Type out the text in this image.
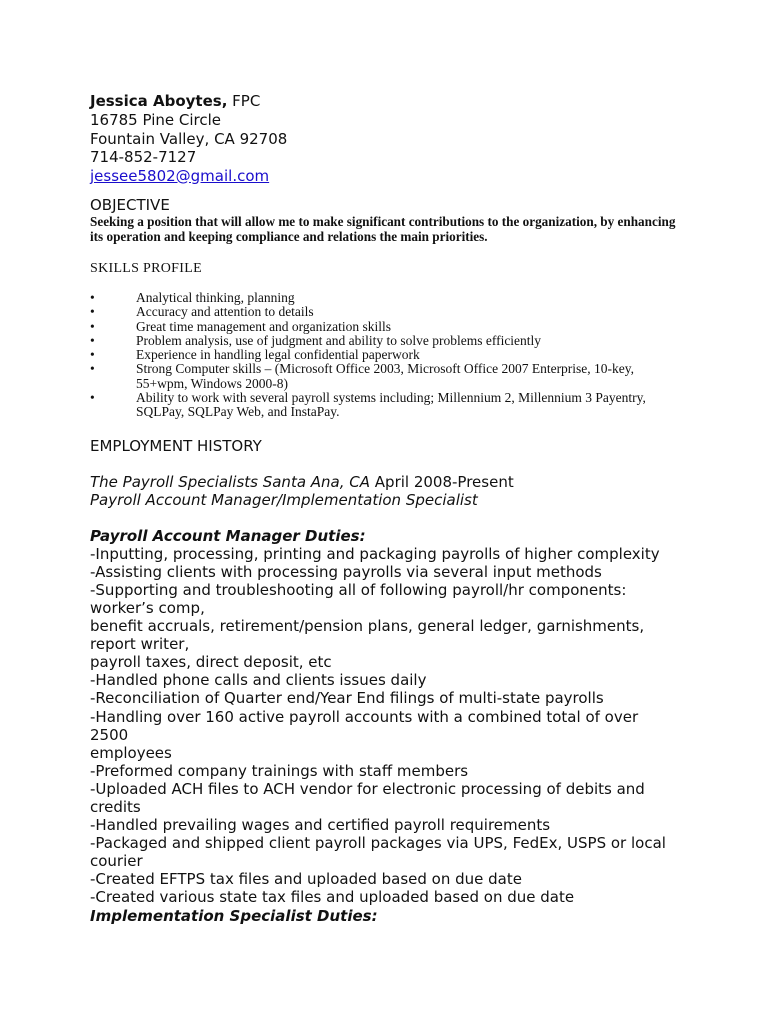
Jessica Aboytes, FPC

16785 Pine Circle

Fountain Valley, CA 92708

714-852-7127

jessee5802@gmail.com

OBJECTIVE

Seeking a position that will allow me to make significant contributions to the organization, by enhancing its operation and keeping compliance and relations the main priorities.

SKILLS PROFILE
•	Analytical thinking, planning
•	Accuracy and attention to details
•	Great time management and organization skills
•	Problem analysis, use of judgment and ability to solve problems efficiently
•	Experience in handling legal confidential paperwork
•	Strong Computer skills – (Microsoft Office 2003, Microsoft Office 2007 Enterprise, 10-key, 55+wpm, Windows 2000-8)
•	Ability to work with several payroll systems including; Millennium 2, Millennium 3 Payentry, SQLPay, SQLPay Web, and InstaPay.
EMPLOYMENT HISTORY

The Payroll Specialists Santa Ana, CA April 2008-Present

Payroll Account Manager/Implementation Specialist

Payroll Account Manager Duties:

-Inputting, processing, printing and packaging payrolls of higher complexity

-Assisting clients with processing payrolls via several input methods

-Supporting and troubleshooting all of following payroll/hr components:

worker’s comp,

benefit accruals, retirement/pension plans, general ledger, garnishments,

report writer,

payroll taxes, direct deposit, etc

-Handled phone calls and clients issues daily

-Reconciliation of Quarter end/Year End filings of multi-state payrolls

-Handling over 160 active payroll accounts with a combined total of over

2500

employees

-Preformed company trainings with staff members

-Uploaded ACH files to ACH vendor for electronic processing of debits and

credits

-Handled prevailing wages and certified payroll requirements

-Packaged and shipped client payroll packages via UPS, FedEx, USPS or local

courier

-Created EFTPS tax files and uploaded based on due date

-Created various state tax files and uploaded based on due date

Implementation Specialist Duties:
